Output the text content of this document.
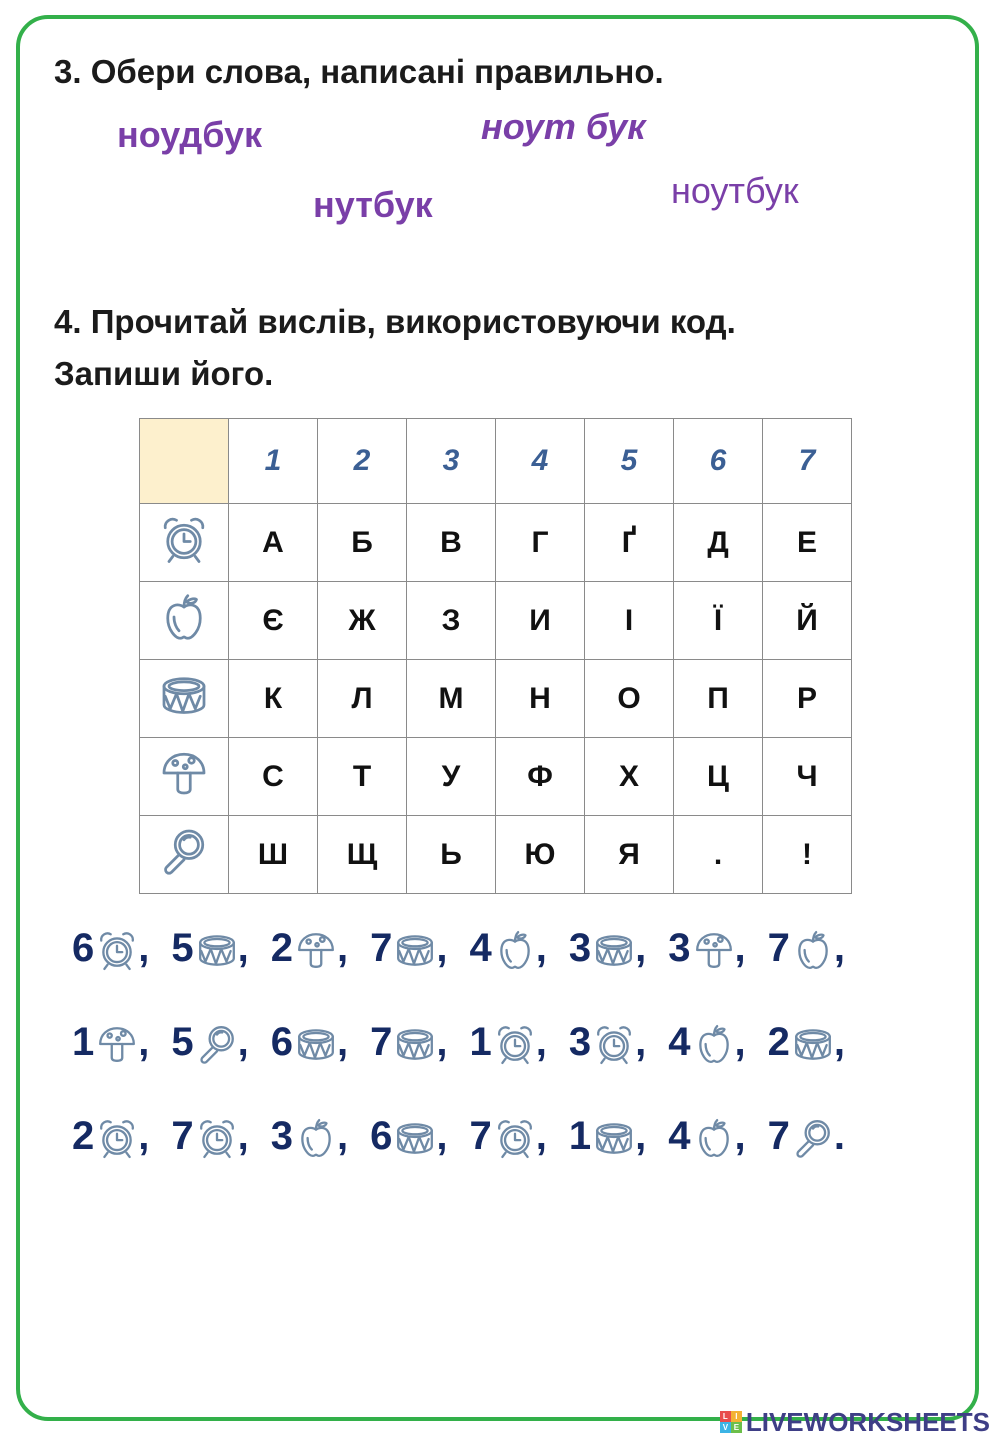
3. Обери слова, написані правильно.
ноудбук	ноут бук
нутбук	ноутбук
4. Прочитай вислів, використовуючи код.
Запиши його.
	1	2	3	4	5	6	7
	А	Б	В	Г	Ґ	Д	Е
	Є	Ж	З	И	І	Ї	Й
	К	Л	М	Н	О	П	Р
	С	Т	У	Ф	Х	Ц	Ч
	Ш	Щ	Ь	Ю	Я	.	!
6 , 5 , 2 , 7 , 4 , 3 , 3 , 7 ,
1 , 5 , 6 , 7 , 1 , 3 , 4 , 2 ,
2 , 7 , 3 , 6 , 7 , 1 , 4 , 7 .
L I
V E LIVEWORKSHEETS
